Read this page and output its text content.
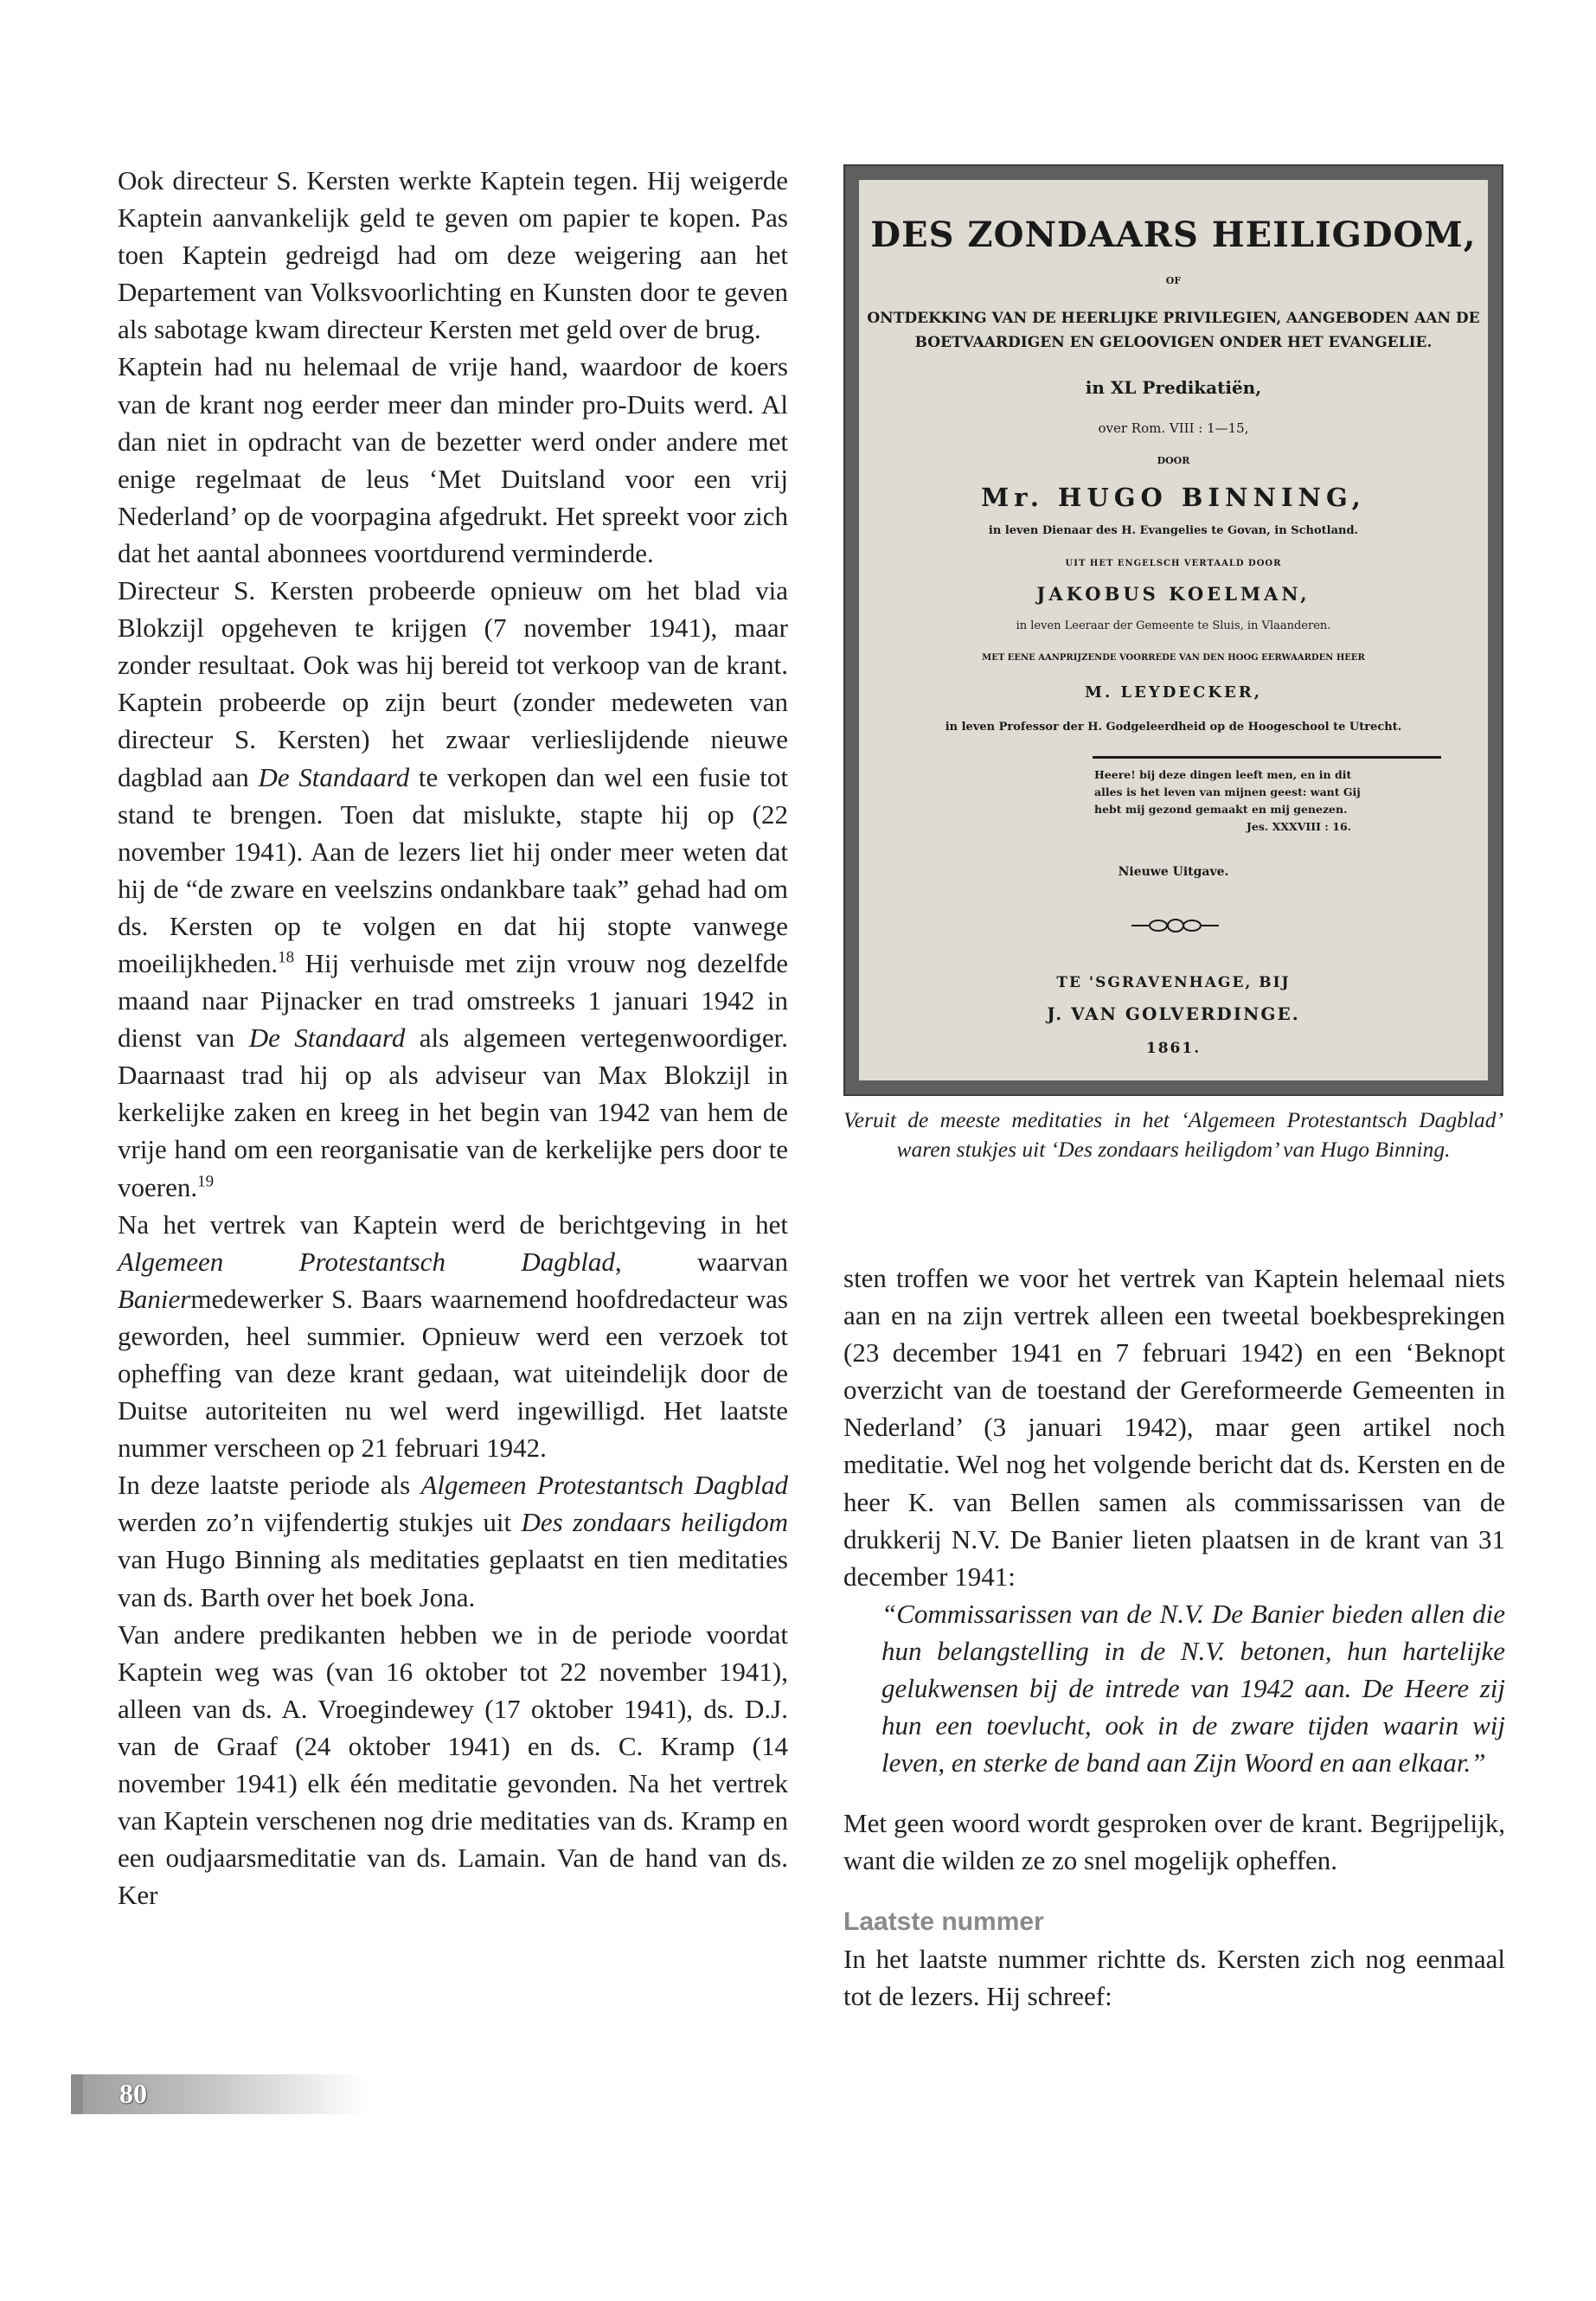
Ook directeur S. Kersten werkte Kaptein tegen. Hij weigerde Kaptein aanvankelijk geld te geven om papier te kopen. Pas toen Kaptein gedreigd had om deze weigering aan het Departement van Volksvoorlichting en Kunsten door te geven als sabotage kwam directeur Kersten met geld over de brug.

Kaptein had nu helemaal de vrije hand, waardoor de koers van de krant nog eerder meer dan minder pro-Duits werd. Al dan niet in opdracht van de bezetter werd onder andere met enige regelmaat de leus ‘Met Duitsland voor een vrij Nederland’ op de voorpagina afgedrukt. Het spreekt voor zich dat het aantal abonnees voortdurend verminderde.

Directeur S. Kersten probeerde opnieuw om het blad via Blokzijl opgeheven te krijgen (7 november 1941), maar zonder resultaat. Ook was hij bereid tot verkoop van de krant. Kaptein probeerde op zijn beurt (zonder medeweten van directeur S. Kersten) het zwaar verlieslijdende nieuwe dagblad aan De Standaard te verkopen dan wel een fusie tot stand te brengen. Toen dat mislukte, stapte hij op (22 november 1941). Aan de lezers liet hij onder meer weten dat hij de “de zware en veelszins ondankbare taak” gehad had om ds. Kersten op te volgen en dat hij stopte vanwege moeilijkheden.$^{18}$ Hij verhuisde met zijn vrouw nog dezelfde maand naar Pijnacker en trad omstreeks 1 januari 1942 in dienst van De Standaard als algemeen vertegenwoordiger. Daarnaast trad hij op als adviseur van Max Blokzijl in kerkelijke zaken en kreeg in het begin van 1942 van hem de vrije hand om een reorganisatie van de kerkelijke pers door te voeren.$^{19}$

Na het vertrek van Kaptein werd de berichtgeving in het Algemeen Protestantsch Dagblad, waarvan Baniermedewerker S. Baars waarnemend hoofdredacteur was geworden, heel summier. Opnieuw werd een verzoek tot opheffing van deze krant gedaan, wat uiteindelijk door de Duitse autoriteiten nu wel werd ingewilligd. Het laatste nummer verscheen op 21 februari 1942.

In deze laatste periode als Algemeen Protestantsch Dagblad werden zo’n vijfendertig stukjes uit Des zondaars heiligdom van Hugo Binning als meditaties geplaatst en tien meditaties van ds. Barth over het boek Jona.

Van andere predikanten hebben we in de periode voordat Kaptein weg was (van 16 oktober tot 22 november 1941), alleen van ds. A. Vroegindewey (17 oktober 1941), ds. D.J. van de Graaf (24 oktober 1941) en ds. C. Kramp (14 november 1941) elk één meditatie gevonden. Na het vertrek van Kaptein verschenen nog drie meditaties van ds. Kramp en een oudjaarsmeditatie van ds. Lamain. Van de hand van ds. Ker

DES ZONDAARS HEILIGDOM,
OF
ONTDEKKING VAN DE HEERLIJKE PRIVILEGIEN, AANGEBODEN AAN DE
BOETVAARDIGEN EN GELOOVIGEN ONDER HET EVANGELIE.
in XL Predikatiën,
over Rom. VIII : 1—15,
DOOR
Mr. HUGO BINNING,
in leven Dienaar des H. Evangelies te Govan, in Schotland.
UIT HET ENGELSCH VERTAALD DOOR
JAKOBUS KOELMAN,
in leven Leeraar der Gemeente te Sluis, in Vlaanderen.
MET EENE AANPRIJZENDE VOORREDE VAN DEN HOOG EERWAARDEN HEER
M. LEYDECKER,
in leven Professor der H. Godgeleerdheid op de Hoogeschool te Utrecht.
Heere! bij deze dingen leeft men, en in dit
alles is het leven van mijnen geest: want Gij
hebt mij gezond gemaakt en mij genezen.
Jes. XXXVIII : 16.
Nieuwe Uitgave.
TE 'SGRAVENHAGE, BIJ
J. VAN GOLVERDINGE.
1861.
Veruit de meeste meditaties in het ‘Algemeen Protestantsch Dagblad’ waren stukjes uit ‘Des zondaars heiligdom’ van Hugo Binning.

sten troffen we voor het vertrek van Kaptein helemaal niets aan en na zijn vertrek alleen een tweetal boekbesprekingen (23 december 1941 en 7 februari 1942) en een ‘Beknopt overzicht van de toestand der Gereformeerde Gemeenten in Nederland’ (3 januari 1942), maar geen artikel noch meditatie. Wel nog het volgende bericht dat ds. Kersten en de heer K. van Bellen samen als commissarissen van de drukkerij N.V. De Banier lieten plaatsen in de krant van 31 december 1941:

“Commissarissen van de N.V. De Banier bieden allen die hun belangstelling in de N.V. betonen, hun hartelijke gelukwensen bij de intrede van 1942 aan. De Heere zij hun een toevlucht, ook in de zware tijden waarin wij leven, en sterke de band aan Zijn Woord en aan elkaar.”

Met geen woord wordt gesproken over de krant. Begrijpelijk, want die wilden ze zo snel mogelijk opheffen.

Laatste nummer

In het laatste nummer richtte ds. Kersten zich nog eenmaal tot de lezers. Hij schreef:

80
